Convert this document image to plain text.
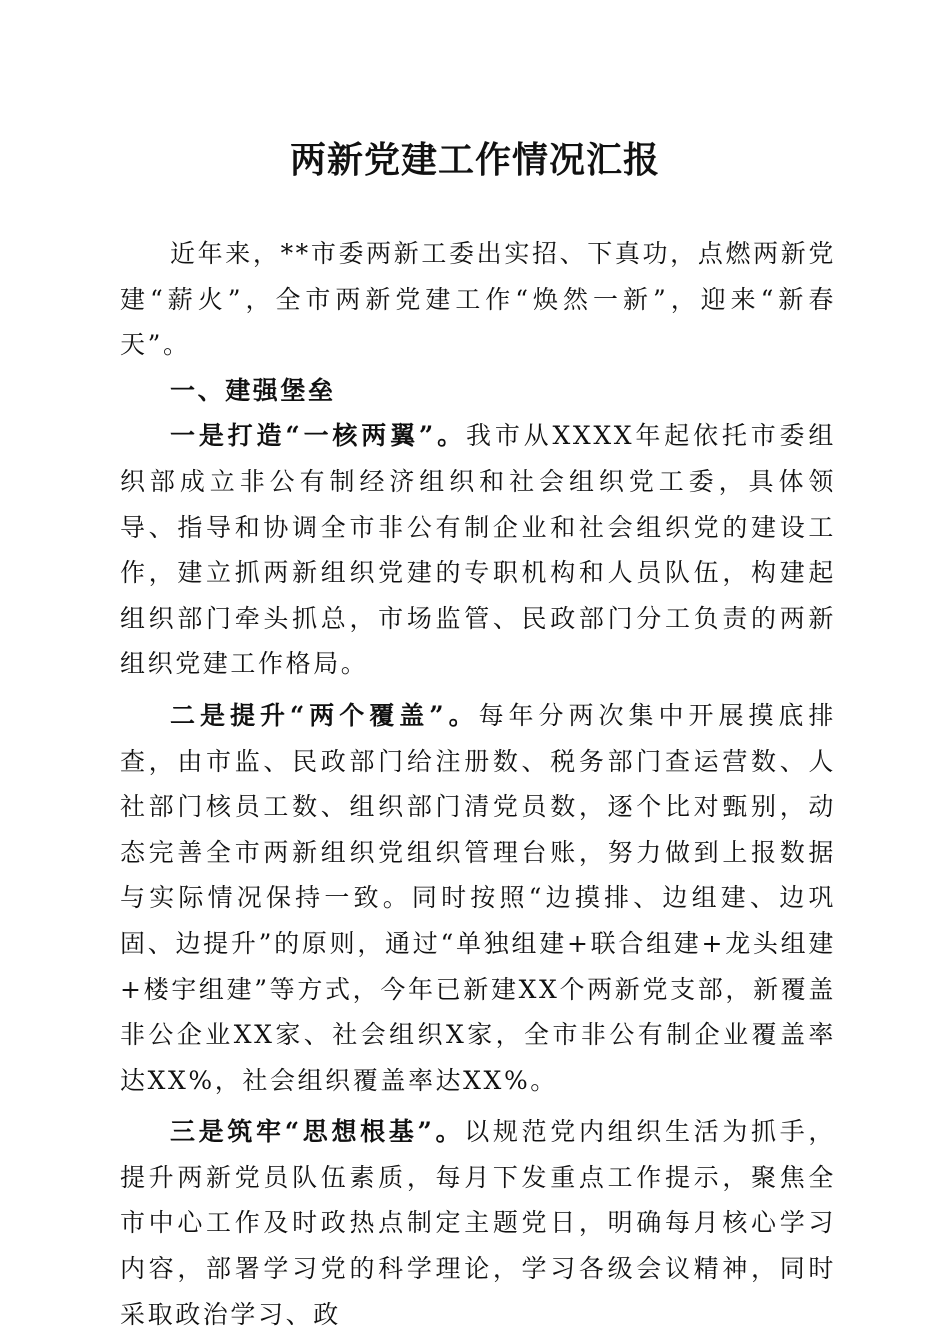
两新党建工作情况汇报

近年来，**市委两新工委出实招、下真功，点燃两新党建“薪火”，全市两新党建工作“焕然一新”，迎来“新春天”。

一、建强堡垒

一是打造“一核两翼”。我市从XXXX年起依托市委组织部成立非公有制经济组织和社会组织党工委，具体领导、指导和协调全市非公有制企业和社会组织党的建设工作，建立抓两新组织党建的专职机构和人员队伍，构建起组织部门牵头抓总，市场监管、民政部门分工负责的两新组织党建工作格局。

二是提升“两个覆盖”。每年分两次集中开展摸底排查，由市监、民政部门给注册数、税务部门查运营数、人社部门核员工数、组织部门清党员数，逐个比对甄别，动态完善全市两新组织党组织管理台账，努力做到上报数据与实际情况保持一致。同时按照“边摸排、边组建、边巩固、边提升”的原则，通过“单独组建+联合组建+龙头组建+楼宇组建”等方式，今年已新建XX个两新党支部，新覆盖非公企业XX家、社会组织X家，全市非公有制企业覆盖率达XX%，社会组织覆盖率达XX%。

三是筑牢“思想根基”。以规范党内组织生活为抓手，提升两新党员队伍素质，每月下发重点工作提示，聚焦全市中心工作及时政热点制定主题党日，明确每月核心学习内容，部署学习党的科学理论，学习各级会议精神，同时采取政治学习、政
